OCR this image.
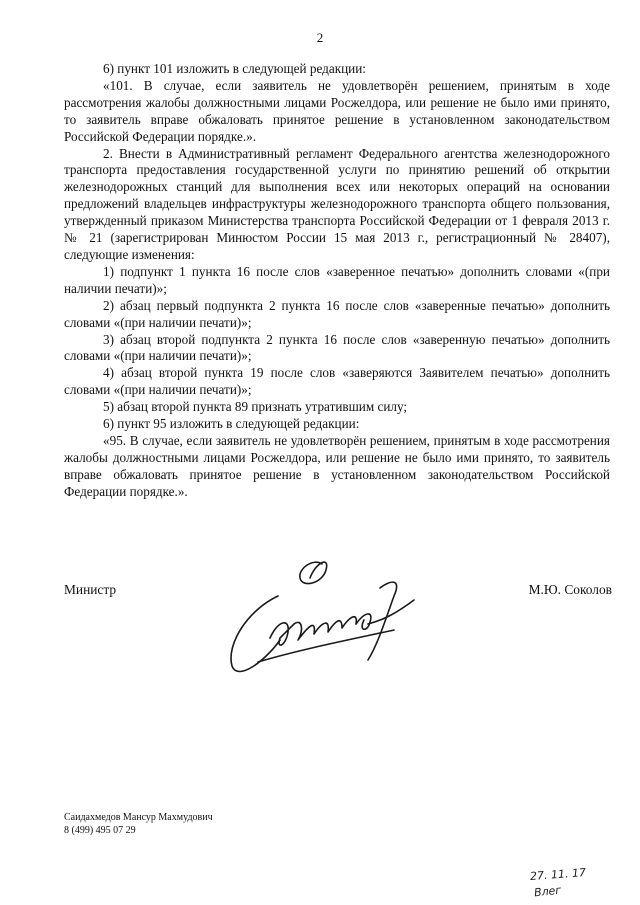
2

6) пункт 101 изложить в следующей редакции:

«101. В случае, если заявитель не удовлетворён решением, принятым в ходе рассмотрения жалобы должностными лицами Росжелдора, или решение не было ими принято, то заявитель вправе обжаловать принятое решение в установленном законодательством Российской Федерации порядке.».

2. Внести в Административный регламент Федерального агентства железнодорожного транспорта предоставления государственной услуги по принятию решений об открытии железнодорожных станций для выполнения всех или некоторых операций на основании предложений владельцев инфраструктуры железнодорожного транспорта общего пользования, утвержденный приказом Министерства транспорта Российской Федерации от 1 февраля 2013 г. № 21 (зарегистрирован Минюстом России 15 мая 2013 г., регистрационный № 28407), следующие изменения:

1) подпункт 1 пункта 16 после слов «заверенное печатью» дополнить словами «(при наличии печати)»;

2) абзац первый подпункта 2 пункта 16 после слов «заверенные печатью» дополнить словами «(при наличии печати)»;

3) абзац второй подпункта 2 пункта 16 после слов «заверенную печатью» дополнить словами «(при наличии печати)»;

4) абзац второй пункта 19 после слов «заверяются Заявителем печатью» дополнить словами «(при наличии печати)»;

5) абзац второй пункта 89 признать утратившим силу;

6) пункт 95 изложить в следующей редакции:

«95. В случае, если заявитель не удовлетворён решением, принятым в ходе рассмотрения жалобы должностными лицами Росжелдора, или решение не было ими принято, то заявитель вправе обжаловать принятое решение в установленном законодательством Российской Федерации порядке.».

Министр	М.Ю. Соколов
Саидахмедов Мансур Махмудович
8 (499) 495 07 29
27. 11. 17
Влег
